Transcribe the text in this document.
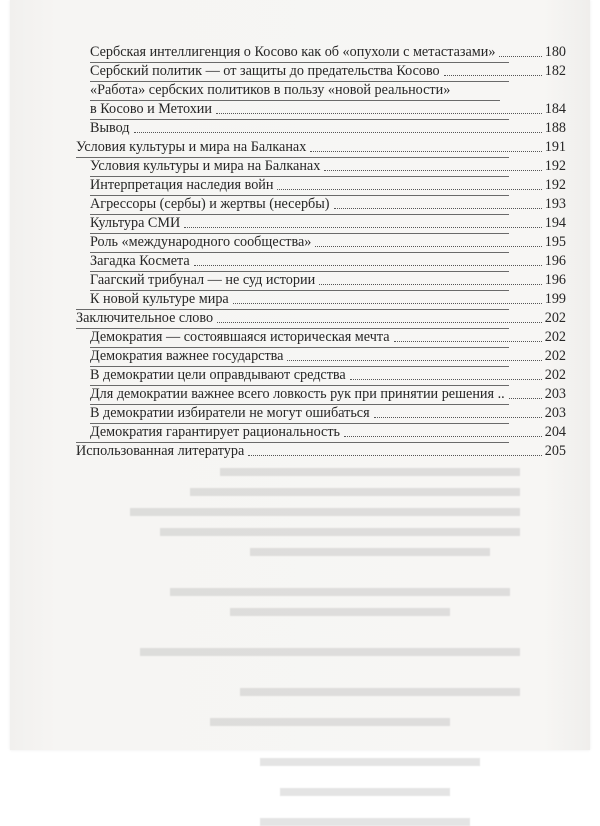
Сербская интеллигенция о Косово как об «опухоли с метастазами»	180
Сербский политик — от защиты до предательства Косово	182
«Работа» сербских политиков в пользу «новой реальности»
в Косово и Метохии	184
Вывод	188
Условия культуры и мира на Балканах	191
Условия культуры и мира на Балканах	192
Интерпретация наследия войн	192
Агрессоры (сербы) и жертвы (несербы)	193
Культура СМИ	194
Роль «международного сообщества»	195
Загадка Космета	196
Гаагский трибунал — не суд истории	196
К новой культуре мира	199
Заключительное слово	202
Демократия — состоявшаяся историческая мечта	202
Демократия важнее государства	202
В демократии цели оправдывают средства	202
Для демократии важнее всего ловкость рук при принятии решения ..	203
В демократии избиратели не могут ошибаться	203
Демократия гарантирует рациональность	204
Использованная литература	205
